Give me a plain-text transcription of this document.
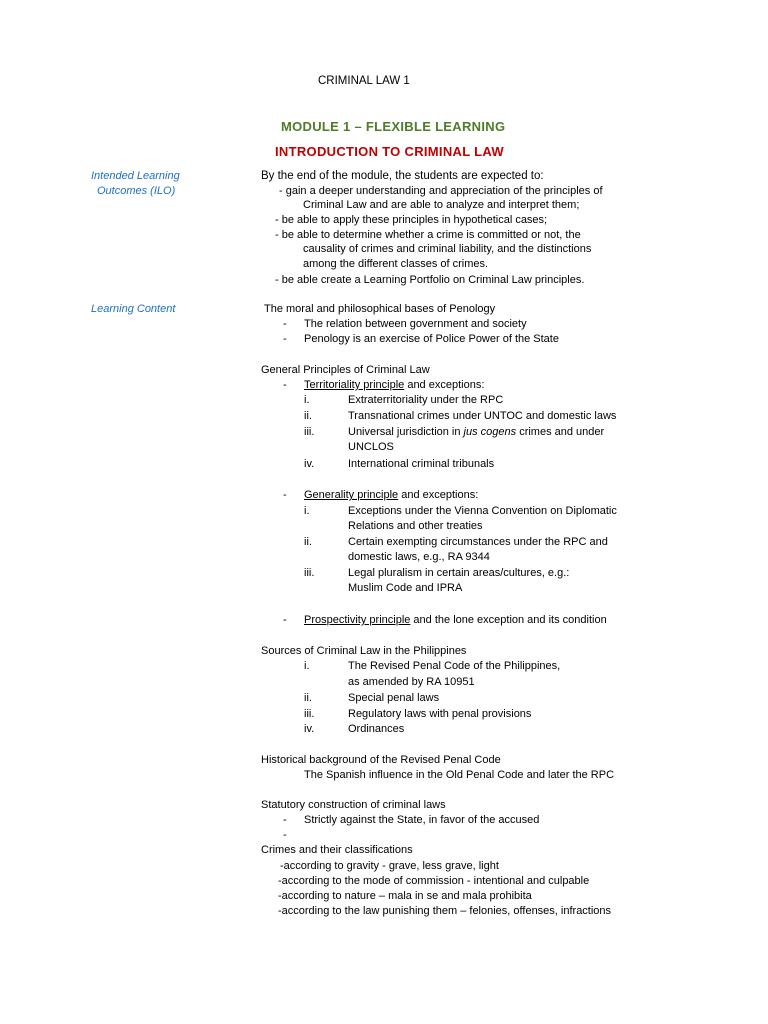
CRIMINAL LAW 1
MODULE 1 – FLEXIBLE LEARNING
INTRODUCTION TO CRIMINAL LAW
Intended Learning
Outcomes (ILO)
Learning Content
By the end of the module, the students are expected to:
- gain a deeper understanding and appreciation of the principles of
Criminal Law and are able to analyze and interpret them;
- be able to apply these principles in hypothetical cases;
- be able to determine whether a crime is committed or not, the
causality of crimes and criminal liability, and the distinctions
among the different classes of crimes.
- be able create a Learning Portfolio on Criminal Law principles.
The moral and philosophical bases of Penology
- The relation between government and society
- Penology is an exercise of Police Power of the State
General Principles of Criminal Law
- Territoriality principle and exceptions:
i.	Extraterritoriality under the RPC
ii.	Transnational crimes under UNTOC and domestic laws
iii.	Universal jurisdiction in jus cogens crimes and under
UNCLOS
iv.	International criminal tribunals
- Generality principle and exceptions:
i.	Exceptions under the Vienna Convention on Diplomatic
Relations and other treaties
ii.	Certain exempting circumstances under the RPC and
domestic laws, e.g., RA 9344
iii.	Legal pluralism in certain areas/cultures, e.g.:
Muslim Code and IPRA
- Prospectivity principle and the lone exception and its condition
Sources of Criminal Law in the Philippines
i.	The Revised Penal Code of the Philippines,
as amended by RA 10951
ii.	Special penal laws
iii.	Regulatory laws with penal provisions
iv.	Ordinances
Historical background of the Revised Penal Code
The Spanish influence in the Old Penal Code and later the RPC
Statutory construction of criminal laws
- Strictly against the State, in favor of the accused
-
Crimes and their classifications
-according to gravity - grave, less grave, light
-according to the mode of commission - intentional and culpable
-according to nature – mala in se and mala prohibita
-according to the law punishing them – felonies, offenses, infractions
